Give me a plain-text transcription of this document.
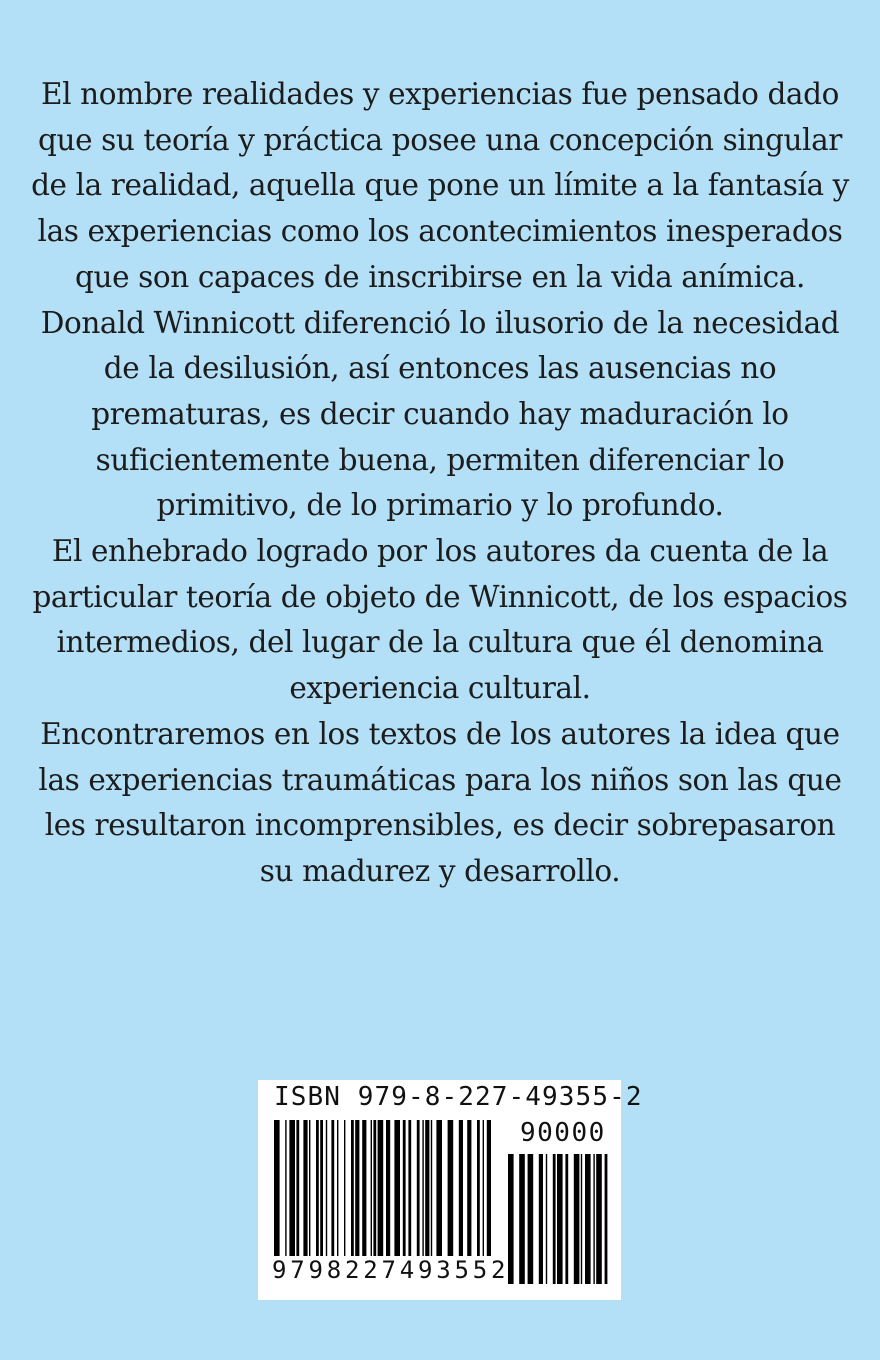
El nombre realidades y experiencias fue pensado dado que su teoría y práctica posee una concepción singular de la realidad, aquella que pone un límite a la fantasía y las experiencias como los acontecimientos inesperados que son capaces de inscribirse en la vida anímica.

Donald Winnicott diferenció lo ilusorio de la necesidad de la desilusión, así entonces las ausencias no prematuras, es decir cuando hay maduración lo suficientemente buena, permiten diferenciar lo primitivo, de lo primario y lo profundo.

El enhebrado logrado por los autores da cuenta de la particular teoría de objeto de Winnicott, de los espacios intermedios, del lugar de la cultura que él denomina experiencia cultural.

Encontraremos en los textos de los autores la idea que las experiencias traumáticas para los niños son las que les resultaron incomprensibles, es decir sobrepasaron su madurez y desarrollo.

ISBN 979-8-227-49355-2
90000
9798227493552
